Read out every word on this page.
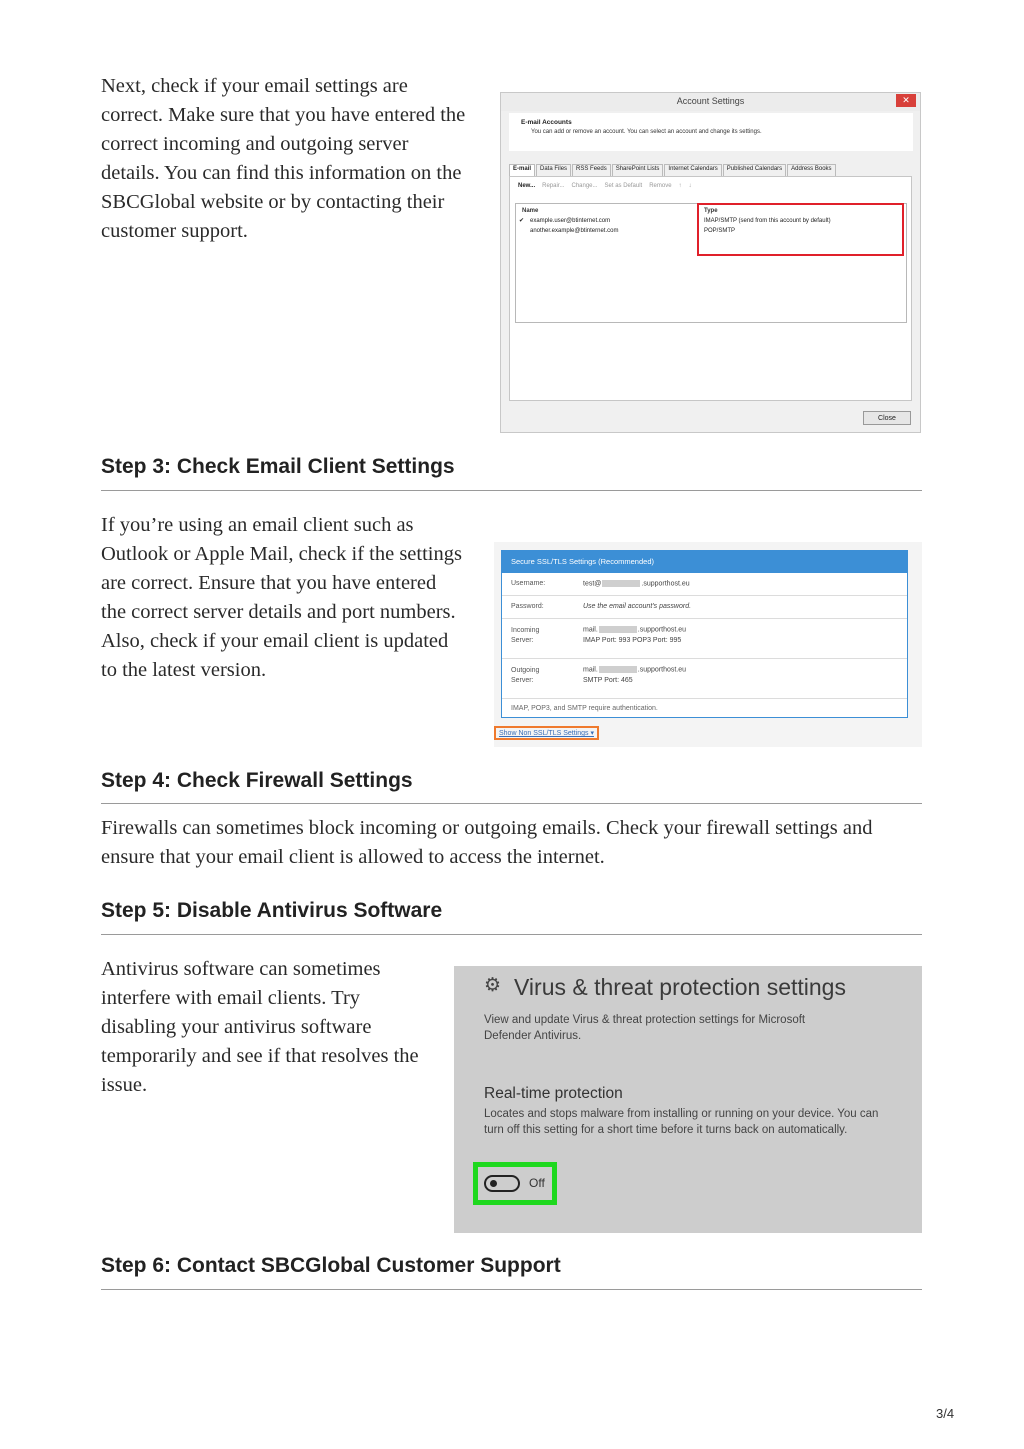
Next, check if your email settings are correct. Make sure that you have entered the correct incoming and outgoing server details. You can find this information on the SBCGlobal website or by contacting their customer support.

Account Settings	✕
E-mail Accounts
You can add or remove an account. You can select an account and change its settings.
E-mail	Data Files	RSS Feeds	SharePoint Lists	Internet Calendars	Published Calendars	Address Books
New... Repair... Change... Set as Default Remove ↑ ↓
Name	Type
✔ example.user@btinternet.com	IMAP/SMTP (send from this account by default)
another.example@btinternet.com	POP/SMTP
Close
Step 3: Check Email Client Settings

If you’re using an email client such as Outlook or Apple Mail, check if the settings are correct. Ensure that you have entered the correct server details and port numbers. Also, check if your email client is updated to the latest version.

Secure SSL/TLS Settings (Recommended)
Username:	test@	.supporthost.eu
Password:	Use the email account’s password.
Incoming
Server:
mail.	.supporthost.eu
IMAP Port: 993 POP3 Port: 995
Outgoing
Server:
mail.	.supporthost.eu
SMTP Port: 465
IMAP, POP3, and SMTP require authentication.
Show Non SSL/TLS Settings ▾
Step 4: Check Firewall Settings

Firewalls can sometimes block incoming or outgoing emails. Check your firewall settings and ensure that your email client is allowed to access the internet.

Step 5: Disable Antivirus Software

Antivirus software can sometimes interfere with email clients. Try disabling your antivirus software temporarily and see if that resolves the issue.

⚙ Virus & threat protection settings
View and update Virus & threat protection settings for Microsoft Defender Antivirus.
Real-time protection
Locates and stops malware from installing or running on your device. You can turn off this setting for a short time before it turns back on automatically.
Off
Step 6: Contact SBCGlobal Customer Support
3/4
